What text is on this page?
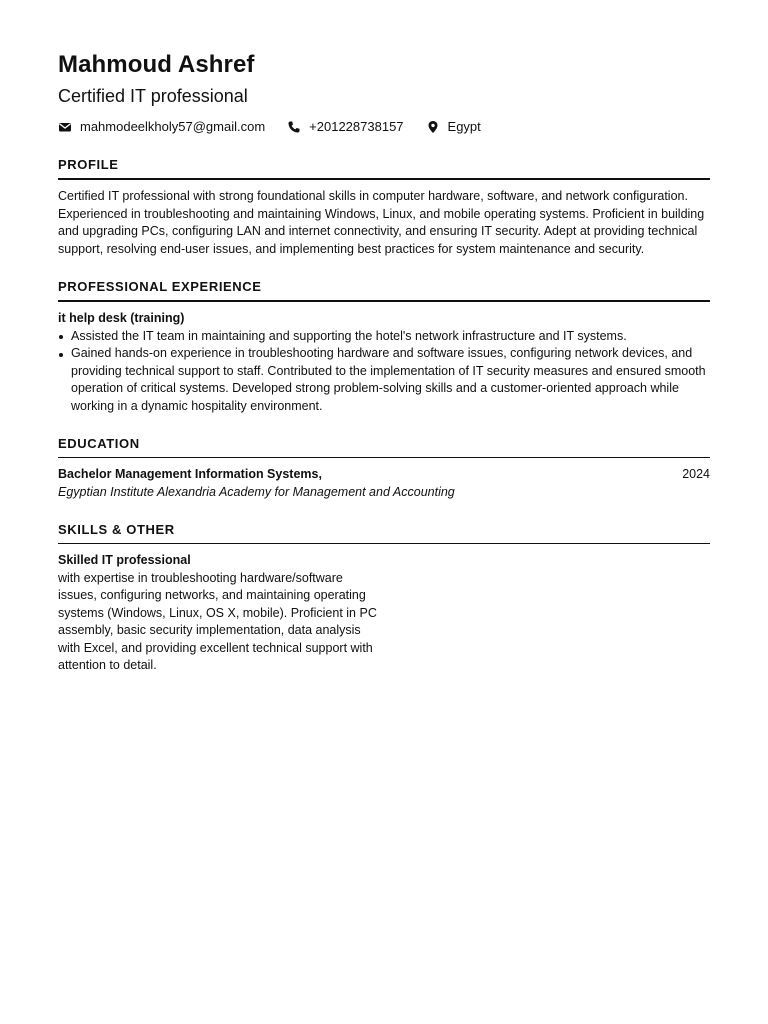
Mahmoud Ashref
Certified IT professional
mahmodeelkholy57@gmail.com	+201228738157	Egypt
PROFILE

Certified IT professional with strong foundational skills in computer hardware, software, and network configuration. Experienced in troubleshooting and maintaining Windows, Linux, and mobile operating systems. Proficient in building and upgrading PCs, configuring LAN and internet connectivity, and ensuring IT security. Adept at providing technical support, resolving end-user issues, and implementing best practices for system maintenance and security.

PROFESSIONAL EXPERIENCE

it help desk (training)

Assisted the IT team in maintaining and supporting the hotel's network infrastructure and IT systems.
Gained hands-on experience in troubleshooting hardware and software issues, configuring network devices, and providing technical support to staff. Contributed to the implementation of IT security measures and ensured smooth operation of critical systems. Developed strong problem-solving skills and a customer-oriented approach while working in a dynamic hospitality environment.
EDUCATION
Bachelor Management Information Systems,	2024
Egyptian Institute Alexandria Academy for Management and Accounting
SKILLS & OTHER

Skilled IT professional

with expertise in troubleshooting hardware/software issues, configuring networks, and maintaining operating systems (Windows, Linux, OS X, mobile). Proficient in PC assembly, basic security implementation, data analysis with Excel, and providing excellent technical support with attention to detail.
